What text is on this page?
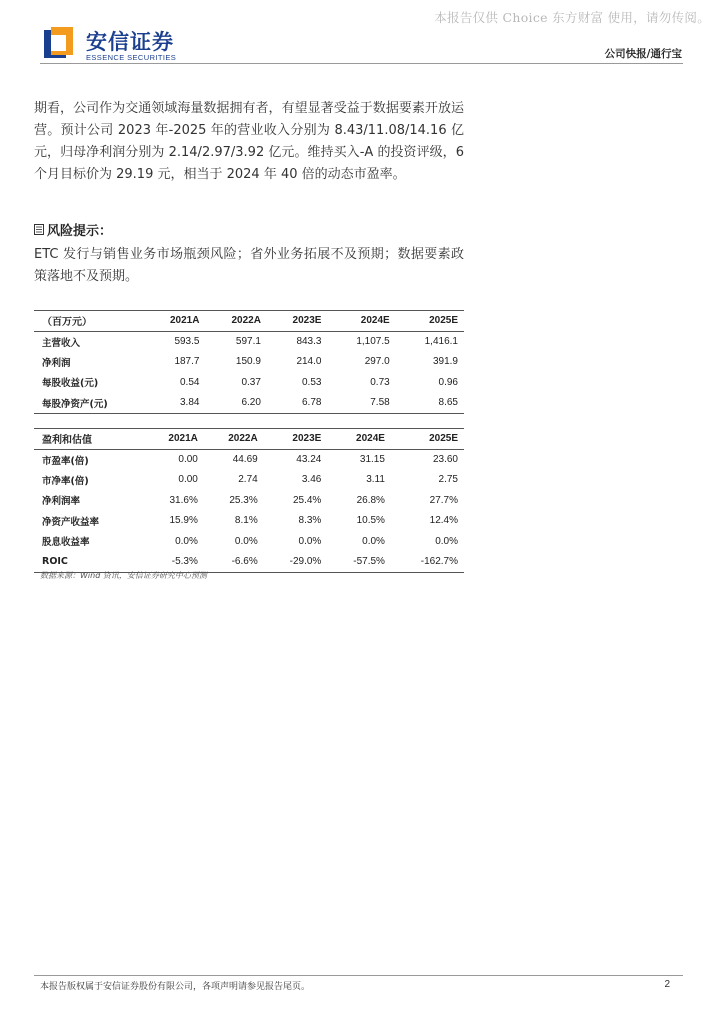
本报告仅供 Choice 东方财富 使用，请勿传阅。
安信证券
ESSENCE SECURITIES	公司快报/通行宝

期看，公司作为交通领域海量数据拥有者，有望显著受益于数据要素开放运营。预计公司 2023 年-2025 年的营业收入分别为 8.43/11.08/14.16 亿元，归母净利润分别为 2.14/2.97/3.92 亿元。维持买入-A 的投资评级，6 个月目标价为 29.19 元，相当于 2024 年 40 倍的动态市盈率。

风险提示：

ETC 发行与销售业务市场瓶颈风险；省外业务拓展不及预期；数据要素政策落地不及预期。

（百万元）	2021A	2022A	2023E	2024E	2025E
主营收入	593.5	597.1	843.3	1,107.5	1,416.1
净利润	187.7	150.9	214.0	297.0	391.9
每股收益(元)	0.54	0.37	0.53	0.73	0.96
每股净资产(元)	3.84	6.20	6.78	7.58	8.65
盈利和估值	2021A	2022A	2023E	2024E	2025E
市盈率(倍)	0.00	44.69	43.24	31.15	23.60
市净率(倍)	0.00	2.74	3.46	3.11	2.75
净利润率	31.6%	25.3%	25.4%	26.8%	27.7%
净资产收益率	15.9%	8.1%	8.3%	10.5%	12.4%
股息收益率	0.0%	0.0%	0.0%	0.0%	0.0%
ROIC	-5.3%	-6.6%	-29.0%	-57.5%	-162.7%
数据来源：Wind 资讯，安信证券研究中心预测
本报告版权属于安信证券股份有限公司，各项声明请参见报告尾页。	2
